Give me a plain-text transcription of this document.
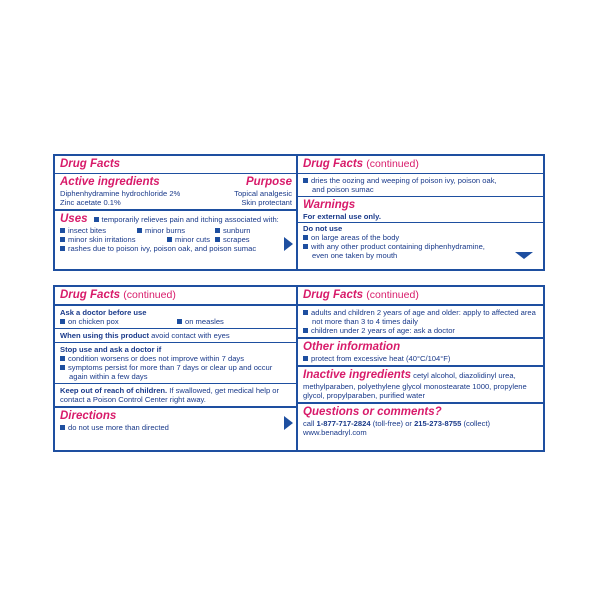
Drug Facts
Active ingredients	Purpose
Diphenhydramine hydrochloride 2%	Topical analgesic
Zinc acetate 0.1%	Skin protectant
Uses	temporarily relieves pain and itching associated with:
insect bites	minor burns	sunburn
minor skin irritations	minor cuts	scrapes
rashes due to poison ivy, poison oak, and poison sumac
Drug Facts (continued)
dries the oozing and weeping of poison ivy, poison oak,
and poison sumac
Warnings
For external use only.
Do not use
on large areas of the body
with any other product containing diphenhydramine,
even one taken by mouth
Drug Facts (continued)
Ask a doctor before use
on chicken pox	on measles
When using this product avoid contact with eyes
Stop use and ask a doctor if
condition worsens or does not improve within 7 days
symptoms persist for more than 7 days or clear up and occur
again within a few days
Keep out of reach of children. If swallowed, get medical help or
contact a Poison Control Center right away.
Directions
do not use more than directed
Drug Facts (continued)
adults and children 2 years of age and older: apply to affected area
not more than 3 to 4 times daily
children under 2 years of age: ask a doctor
Other information
protect from excessive heat (40°C/104°F)
Inactive ingredients cetyl alcohol, diazolidinyl urea,
methylparaben, polyethylene glycol monostearate 1000, propylene
glycol, propylparaben, purified water
Questions or comments?
call 1-877-717-2824 (toll-free) or 215-273-8755 (collect)
www.benadryl.com
